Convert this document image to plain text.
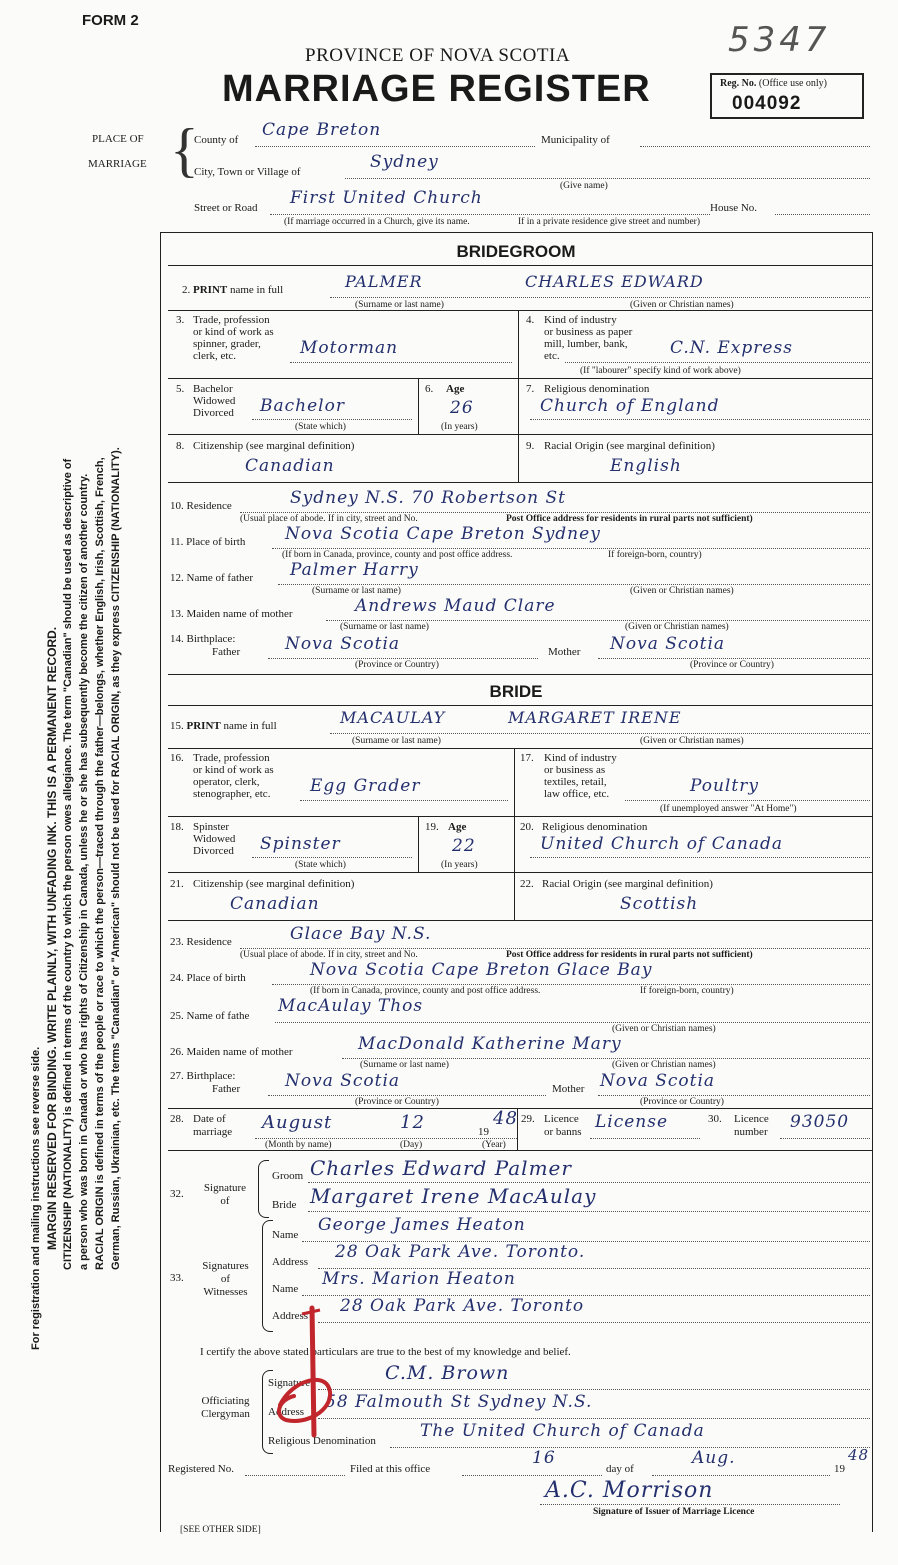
FORM 2	5347
PROVINCE OF NOVA SCOTIA
MARRIAGE REGISTER	Reg. No. (Office use only)
004092
PLACE OF
MARRIAGE {
County of Cape Breton	Municipality of
City, Town or Village of	Sydney
(Give name)
Street or Road First United Church	House No.
(If marriage occurred in a Church, give its name.	If in a private residence give street and number)
BRIDEGROOM
2. PRINT name in full	PALMER	CHARLES EDWARD
(Surname or last name)	(Given or Christian names)
3. Trade, profession
or kind of work as
spinner, grader,
clerk, etc.	Motorman
4. Kind of industry
or business as paper
mill, lumber, bank,
etc.	C.N. Express
(If "labourer" specify kind of work above)
5. Bachelor
Widowed
Divorced Bachelor
(State which)
6. Age
26
(In years)
7. Religious denomination
Church of England
8. Citizenship (see marginal definition)
Canadian
9. Racial Origin (see marginal definition)
English
10. Residence	Sydney N.S. 70 Robertson St
(Usual place of abode. If in city, street and No.	Post Office address for residents in rural parts not sufficient)
11. Place of birth Nova Scotia Cape Breton Sydney
(If born in Canada, province, county and post office address.	If foreign-born, country)
12. Name of father Palmer Harry
(Surname or last name)	(Given or Christian names)
13. Maiden name of mother	Andrews Maud Clare
(Surname or last name)	(Given or Christian names)
14. Birthplace:
Father	Nova Scotia	Mother Nova Scotia
(Province or Country)	(Province or Country)
BRIDE
15. PRINT name in full	MACAULAY	MARGARET IRENE
(Surname or last name)	(Given or Christian names)
16. Trade, profession
or kind of work as
operator, clerk,
stenographer, etc. Egg Grader
17. Kind of industry
or business as
textiles, retail,
law office, etc.	Poultry
(If unemployed answer "At Home")
18. Spinster
Widowed
Divorced Spinster
(State which)
19. Age
22
(In years)
20. Religious denomination
United Church of Canada
21. Citizenship (see marginal definition)
Canadian
22. Racial Origin (see marginal definition)
Scottish
23. Residence	Glace Bay N.S.
(Usual place of abode. If in city, street and No.	Post Office address for residents in rural parts not sufficient)
24. Place of birth	Nova Scotia Cape Breton Glace Bay
(If born in Canada, province, county and post office address.	If foreign-born, country)
25. Name of fathe MacAulay Thos
(Given or Christian names)
26. Maiden name of mother	MacDonald Katherine Mary
(Surname or last name)	(Given or Christian names)
27. Birthplace:
Father	Nova Scotia	Mother Nova Scotia
(Province or Country)	(Province or Country)
28. Date of
marriage August	12	19
48
(Month by name)	(Day)	(Year)
29. Licence
or banns License	30. Licence
number 93050
32.	Signature
of
Groom Charles Edward Palmer
Bride Margaret Irene MacAulay
33.
Signatures
of
Witnesses
Name George James Heaton
Address 28 Oak Park Ave. Toronto.
Name Mrs. Marion Heaton
Address 28 Oak Park Ave. Toronto
I certify the above stated particulars are true to the best of my knowledge and belief.
Officiating
Clergyman
Signature	C.M. Brown
Address 58 Falmouth St Sydney N.S.
Religious Denomination	The United Church of Canada
Registered No.	Filed at this office
16
day of
Aug.
19
48
A.C. Morrison
Signature of Issuer of Marriage Licence
[SEE OTHER SIDE]
For registration and mailing instructions see reverse side. MARGIN RESERVED FOR BINDING. WRITE PLAINLY, WITH UNFADING INK. THIS IS A PERMANENT RECORD. CITIZENSHIP (NATIONALITY) is defined in terms of the country to which the person owes allegiance. The term "Canadian" should be used as descriptive of a person who was born in Canada or who has rights of Citizenship in Canada, unless he or she has subsequently become the citizen of another country. RACIAL ORIGIN is defined in terms of the people or race to which the person—traced through the father—belongs, whether English, Irish, Scottish, French, German, Russian, Ukrainian, etc. The terms "Canadian" or "American" should not be used for RACIAL ORIGIN, as they express CITIZENSHIP (NATIONALITY).
